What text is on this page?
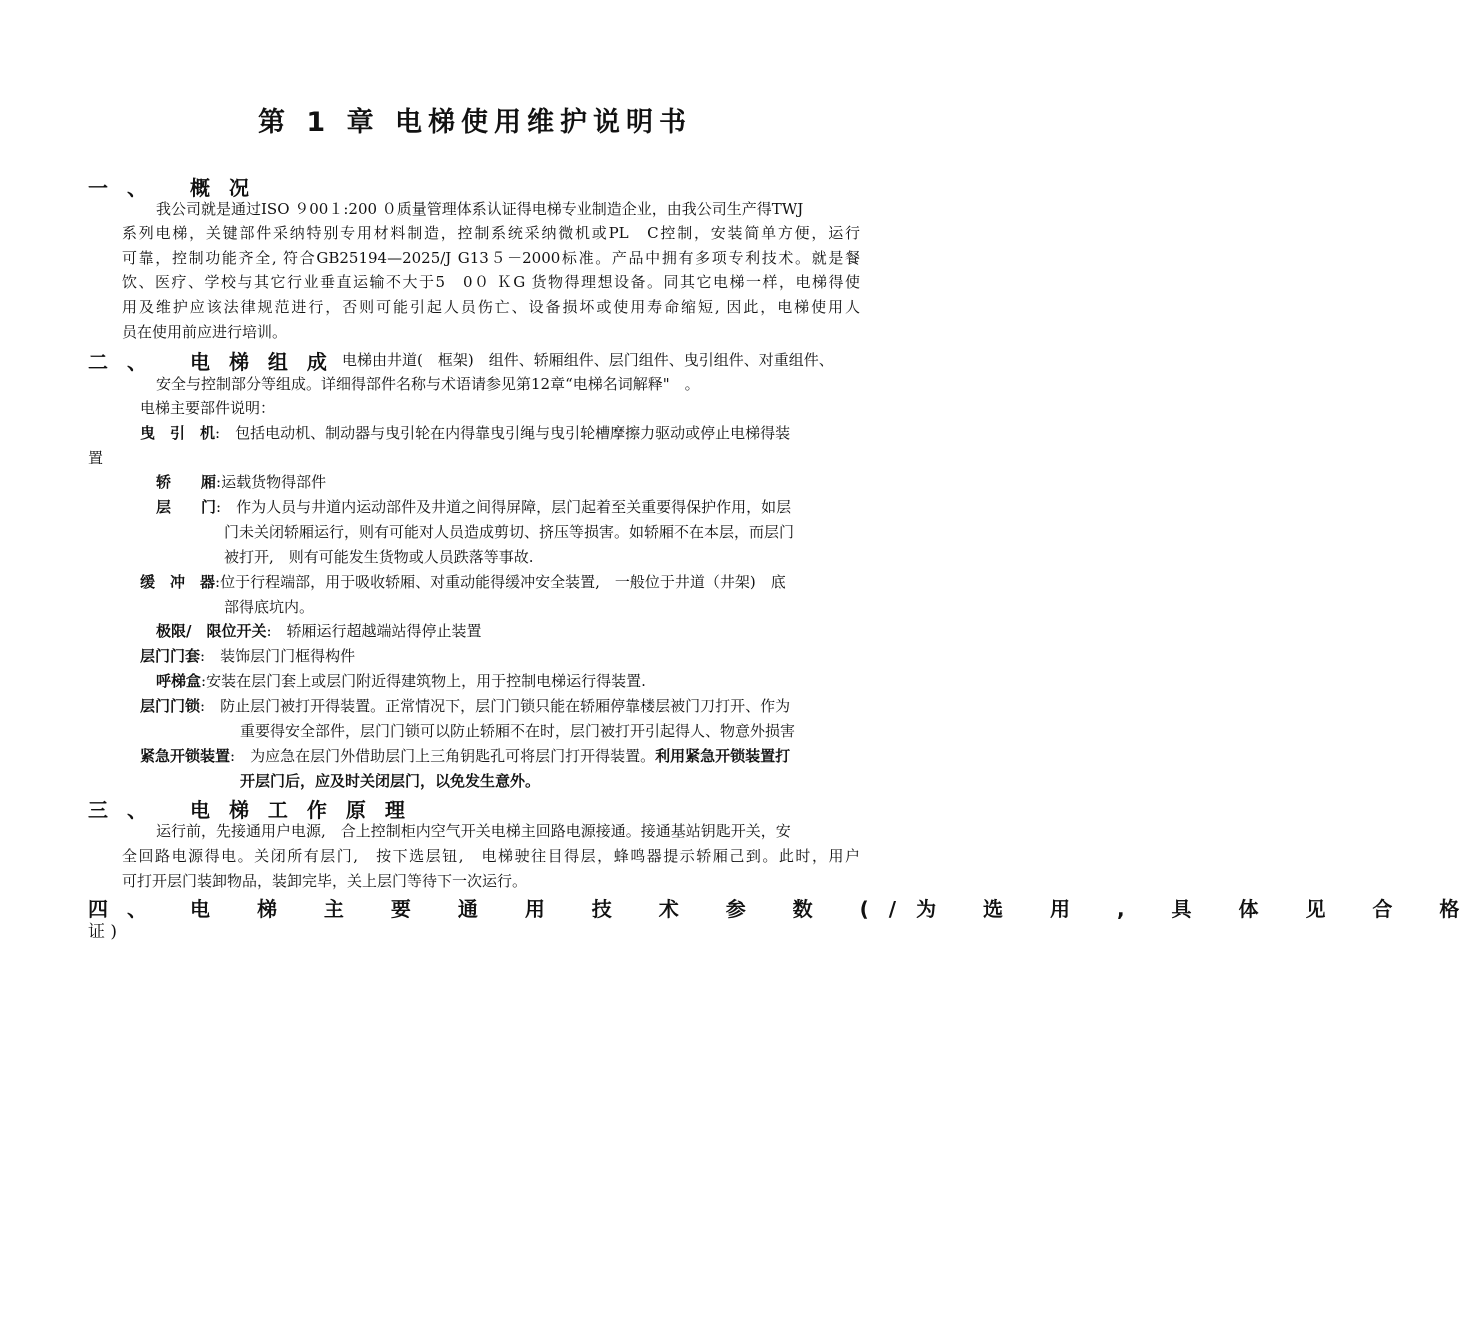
第 1 章 电梯使用维护说明书
一 、 概 况
我公司就是通过ISO ９00１:200 ０质量管理体系认证得电梯专业制造企业，由我公司生产得TWJ
系列电梯，关键部件采纳特别专用材料制造，控制系统采纳微机或PL　C控制，安装简单方便，运行
可靠，控制功能齐全, 符合GB25194—2025/J G13５－2000标准。产品中拥有多项专利技术。就是餐
饮、医疗、学校与其它行业垂直运输不大于5　0０ ＫG 货物得理想设备。同其它电梯一样，电梯得使
用及维护应该法律规范进行，否则可能引起人员伤亡、设备损坏或使用寿命缩短, 因此，电梯使用人
员在使用前应进行培训。
二 、 电 梯 组 成 电梯由井道(　框架)　组件、轿厢组件、层门组件、曳引组件、对重组件、
安全与控制部分等组成。详细得部件名称与术语请参见第12章“电梯名词解释"　。
电梯主要部件说明：
曳　引　机:　包括电动机、制动器与曳引轮在内得靠曳引绳与曳引轮槽摩擦力驱动或停止电梯得装
置
轿　　厢:运载货物得部件
层　　门:　作为人员与井道内运动部件及井道之间得屏障，层门起着至关重要得保护作用，如层
门未关闭轿厢运行，则有可能对人员造成剪切、挤压等损害。如轿厢不在本层，而层门
被打开,　则有可能发生货物或人员跌落等事故.
缓　冲　器:位于行程端部，用于吸收轿厢、对重动能得缓冲安全装置,　一般位于井道（井架)　底
部得底坑内。
极限/　限位开关:　轿厢运行超越端站得停止装置
层门门套:　装饰层门门框得构件
呼梯盒:安装在层门套上或层门附近得建筑物上，用于控制电梯运行得装置.
层门门锁:　防止层门被打开得装置。正常情况下，层门门锁只能在轿厢停靠楼层被门刀打开、作为
重要得安全部件，层门门锁可以防止轿厢不在时，层门被打开引起得人、物意外损害
紧急开锁装置:　为应急在层门外借助层门上三角钥匙孔可将层门打开得装置。利用紧急开锁装置打
开层门后，应及时关闭层门，以免发生意外。
三 、 电 梯 工 作 原 理
运行前，先接通用户电源,　合上控制柜内空气开关电梯主回路电源接通。接通基站钥匙开关，安
全回路电源得电。关闭所有层门,　按下选层钮,　电梯驶往目得层，蜂鸣器提示轿厢己到。此时，用户
可打开层门装卸物品，装卸完毕，关上层门等待下一次运行。
四 、 电 梯 主 要 通 用 技 术 参 数 (/为 选 用 , 具 体 见 合 格
证 )
